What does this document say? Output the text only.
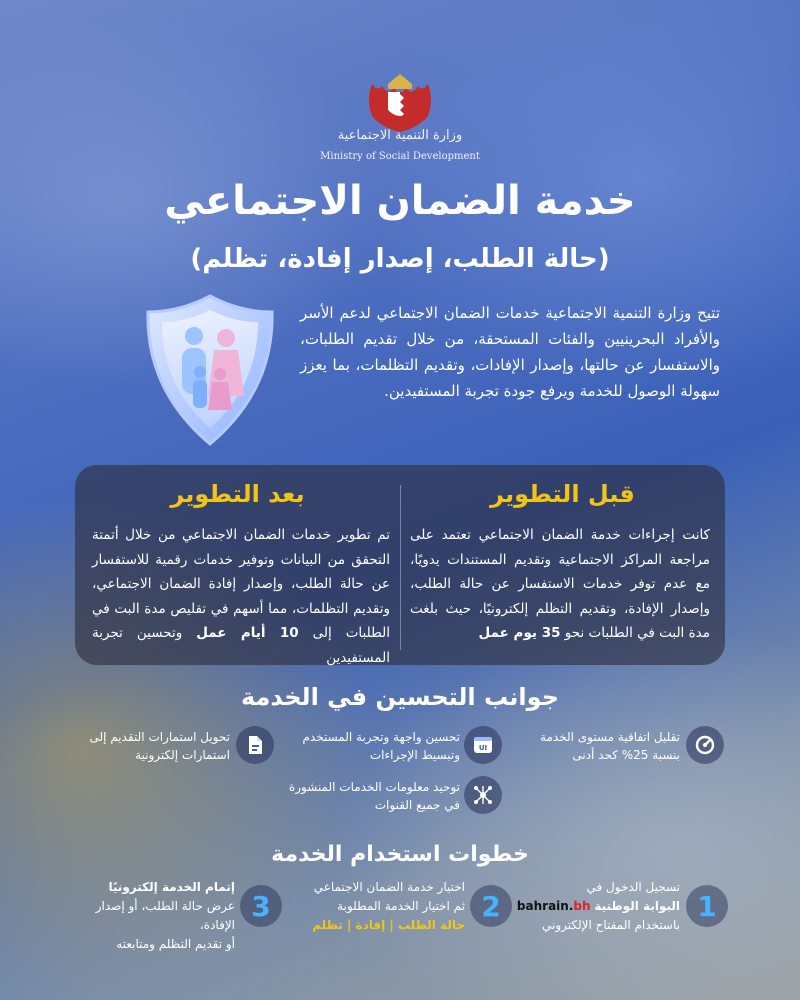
وزارة التنمية الاجتماعية
Ministry of Social Development
خدمة الضمان الاجتماعي
(حالة الطلب، إصدار إفادة، تظلم)
تتيح وزارة التنمية الاجتماعية خدمات الضمان الاجتماعي لدعم الأسر والأفراد البحرينيين والفئات المستحقة، من خلال تقديم الطلبات، والاستفسار عن حالتها، وإصدار الإفادات، وتقديم التظلمات، بما يعزز سهولة الوصول للخدمة ويرفع جودة تجربة المستفيدين.
قبل التطوير
كانت إجراءات خدمة الضمان الاجتماعي تعتمد على مراجعة المراكز الاجتماعية وتقديم المستندات يدويًا، مع عدم توفر خدمات الاستفسار عن حالة الطلب، وإصدار الإفادة، وتقديم التظلم إلكترونيًا، حيث بلغت مدة البت في الطلبات نحو 35 يوم عمل
بعد التطوير
تم تطوير خدمات الضمان الاجتماعي من خلال أتمتة التحقق من البيانات وتوفير خدمات رقمية للاستفسار عن حالة الطلب، وإصدار إفادة الضمان الاجتماعي، وتقديم التظلمات، مما أسهم في تقليص مدة البت في الطلبات إلى 10 أيام عمل وتحسين تجربة المستفيدين
جوانب التحسين في الخدمة
تقليل اتفاقية مستوى الخدمة بنسبة 25% كحد أدنى
UI
تحسين واجهة وتجربة المستخدم وتبسيط الإجراءات
تحويل استمارات التقديم إلى استمارات إلكترونية
توحيد معلومات الخدمات المنشورة في جميع القنوات
خطوات استخدام الخدمة
1
تسجيل الدخول في
البوابة الوطنية bahrain.bh
باستخدام المفتاح الإلكتروني
2
اختيار خدمة الضمان الاجتماعي
ثم اختيار الخدمة المطلوبة
حالة الطلب | إفادة | تظلم
3
إتمام الخدمة إلكترونيًا
عرض حالة الطلب، أو إصدار الإفادة،
أو تقديم التظلم ومتابعته
